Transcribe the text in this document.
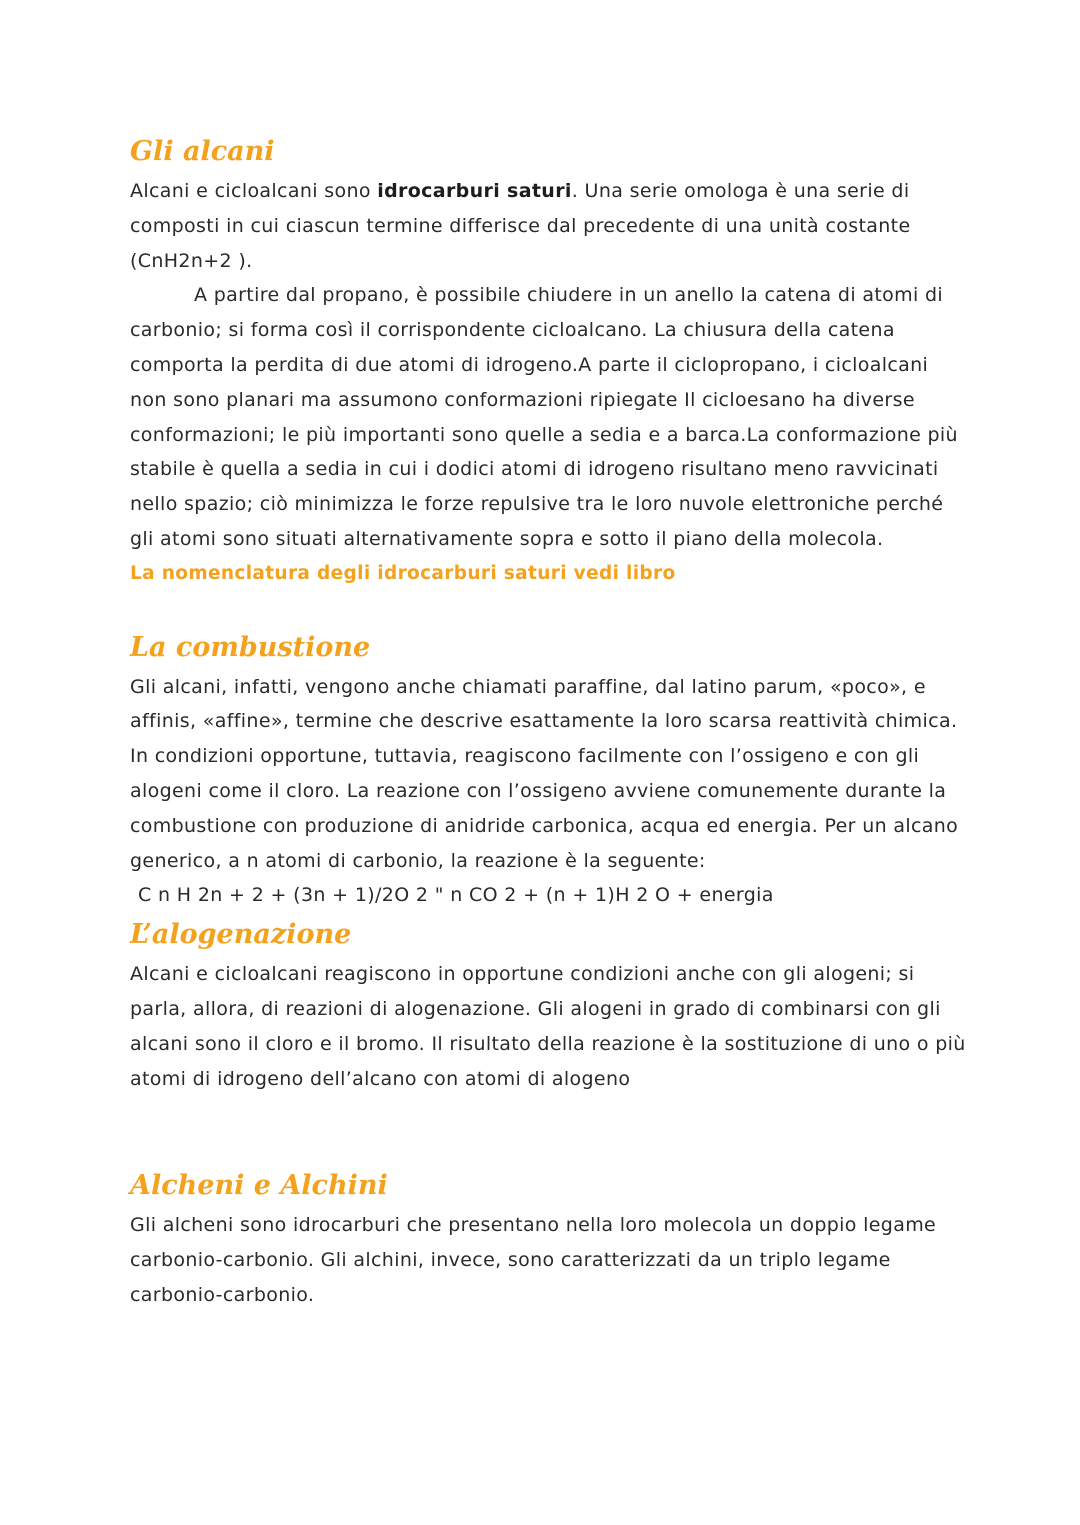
Gli alcani

Alcani e cicloalcani sono idrocarburi saturi. Una serie omologa è una serie di composti in cui ciascun termine differisce dal precedente di una unità costante (CnH2n+2 ).

A partire dal propano, è possibile chiudere in un anello la catena di atomi di carbonio; si forma così il corrispondente cicloalcano. La chiusura della catena comporta la perdita di due atomi di idrogeno.A parte il ciclopropano, i cicloalcani non sono planari ma assumono conformazioni ripiegate Il cicloesano ha diverse conformazioni; le più importanti sono quelle a sedia e a barca.La conformazione più stabile è quella a sedia in cui i dodici atomi di idrogeno risultano meno ravvicinati nello spazio; ciò minimizza le forze repulsive tra le loro nuvole elettroniche perché gli atomi sono situati alternativamente sopra e sotto il piano della molecola.

La nomenclatura degli idrocarburi saturi vedi libro

La combustione

Gli alcani, infatti, vengono anche chiamati paraffine, dal latino parum, «poco», e affinis, «affine», termine che descrive esattamente la loro scarsa reattività chimica. In condizioni opportune, tuttavia, reagiscono facilmente con l’ossigeno e con gli alogeni come il cloro. La reazione con l’ossigeno avviene comunemente durante la combustione con produzione di anidride carbonica, acqua ed energia. Per un alcano generico, a n atomi di carbonio, la reazione è la seguente:

C n H 2n + 2 + (3n + 1)/2O 2 " n CO 2 + (n + 1)H 2 O + energia

L’alogenazione

Alcani e cicloalcani reagiscono in opportune condizioni anche con gli alogeni; si parla, allora, di reazioni di alogenazione. Gli alogeni in grado di combinarsi con gli alcani sono il cloro e il bromo. Il risultato della reazione è la sostituzione di uno o più atomi di idrogeno dell’alcano con atomi di alogeno

Alcheni e Alchini

Gli alcheni sono idrocarburi che presentano nella loro molecola un doppio legame carbonio-carbonio. Gli alchini, invece, sono caratterizzati da un triplo legame carbonio-carbonio.
